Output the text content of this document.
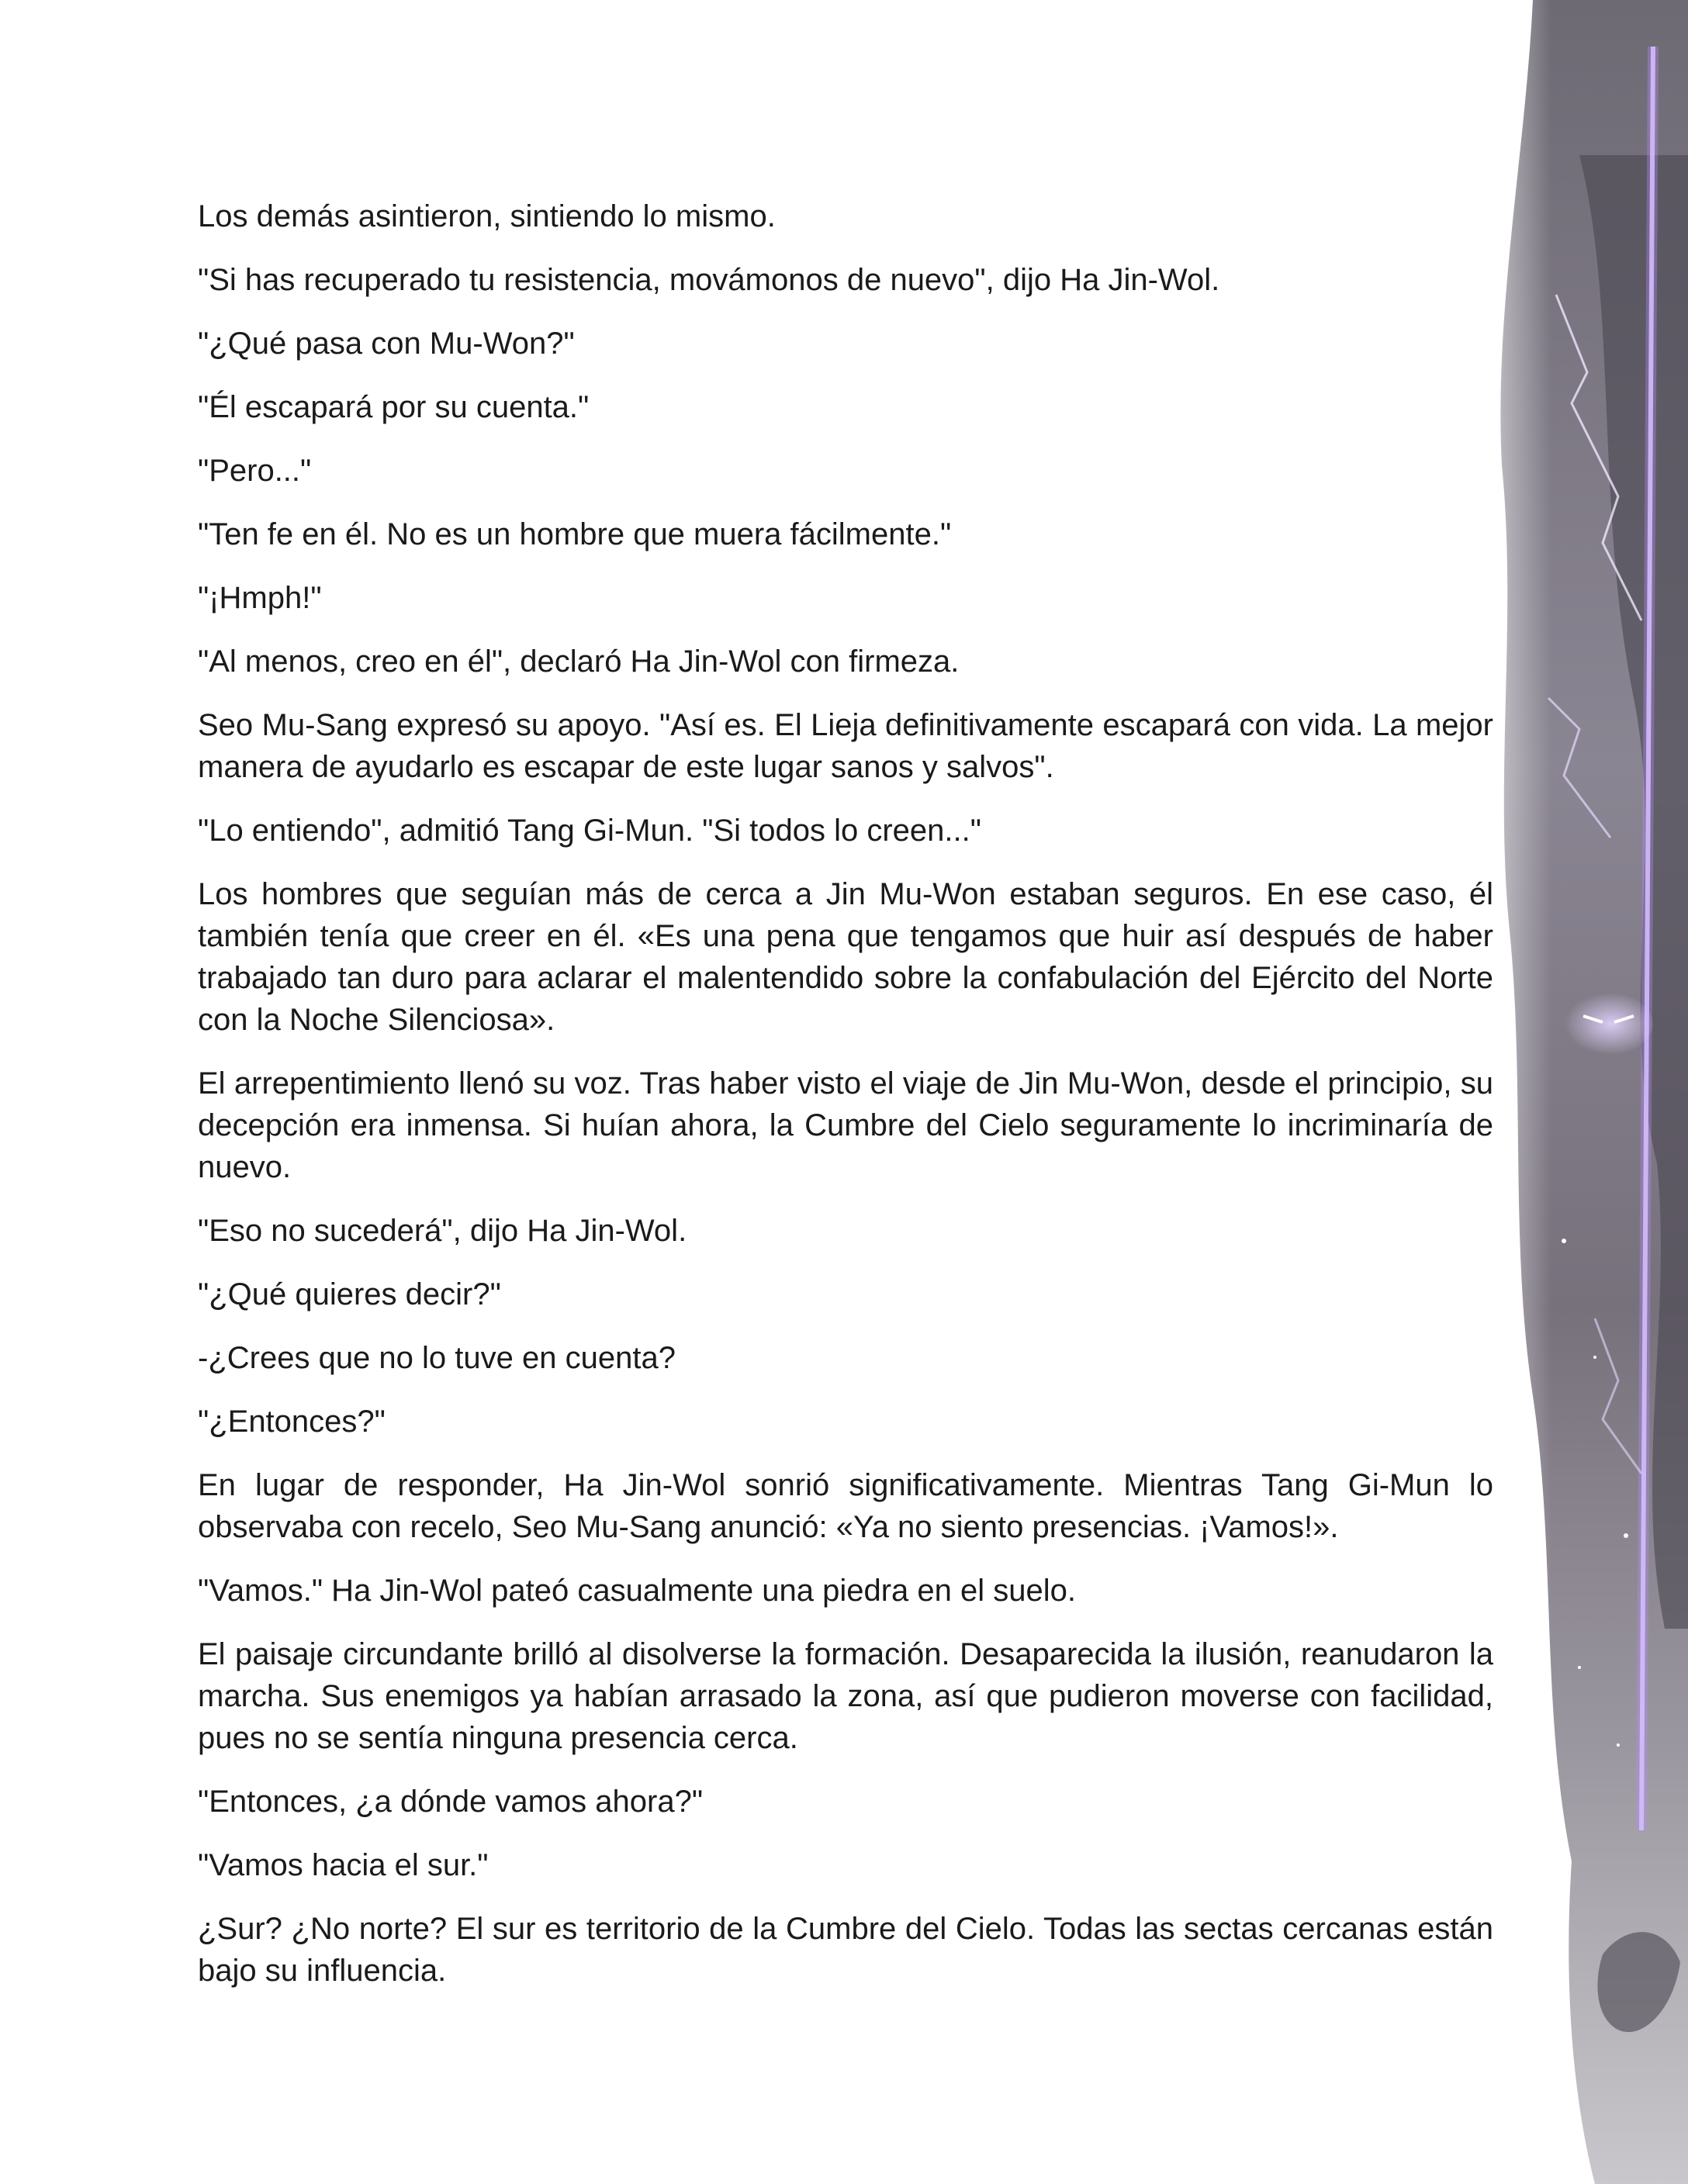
Los demás asintieron, sintiendo lo mismo.

"Si has recuperado tu resistencia, movámonos de nuevo", dijo Ha Jin-Wol.

"¿Qué pasa con Mu-Won?"

"Él escapará por su cuenta."

"Pero..."

"Ten fe en él. No es un hombre que muera fácilmente."

"¡Hmph!"

"Al menos, creo en él", declaró Ha Jin-Wol con firmeza.

Seo Mu-Sang expresó su apoyo. "Así es. El Lieja definitivamente escapará con vida. La mejor manera de ayudarlo es escapar de este lugar sanos y salvos".

"Lo entiendo", admitió Tang Gi-Mun. "Si todos lo creen..."

Los hombres que seguían más de cerca a Jin Mu-Won estaban seguros. En ese caso, él también tenía que creer en él. «Es una pena que tengamos que huir así después de haber trabajado tan duro para aclarar el malentendido sobre la confabulación del Ejército del Norte con la Noche Silenciosa».

El arrepentimiento llenó su voz. Tras haber visto el viaje de Jin Mu-Won, desde el principio, su decepción era inmensa. Si huían ahora, la Cumbre del Cielo seguramente lo incriminaría de nuevo.

"Eso no sucederá", dijo Ha Jin-Wol.

"¿Qué quieres decir?"

-¿Crees que no lo tuve en cuenta?

"¿Entonces?"

En lugar de responder, Ha Jin-Wol sonrió significativamente. Mientras Tang Gi-Mun lo observaba con recelo, Seo Mu-Sang anunció: «Ya no siento presencias. ¡Vamos!».

"Vamos." Ha Jin-Wol pateó casualmente una piedra en el suelo.

El paisaje circundante brilló al disolverse la formación. Desaparecida la ilusión, reanudaron la marcha. Sus enemigos ya habían arrasado la zona, así que pudieron moverse con facilidad, pues no se sentía ninguna presencia cerca.

"Entonces, ¿a dónde vamos ahora?"

"Vamos hacia el sur."

¿Sur? ¿No norte? El sur es territorio de la Cumbre del Cielo. Todas las sectas cercanas están bajo su influencia.
